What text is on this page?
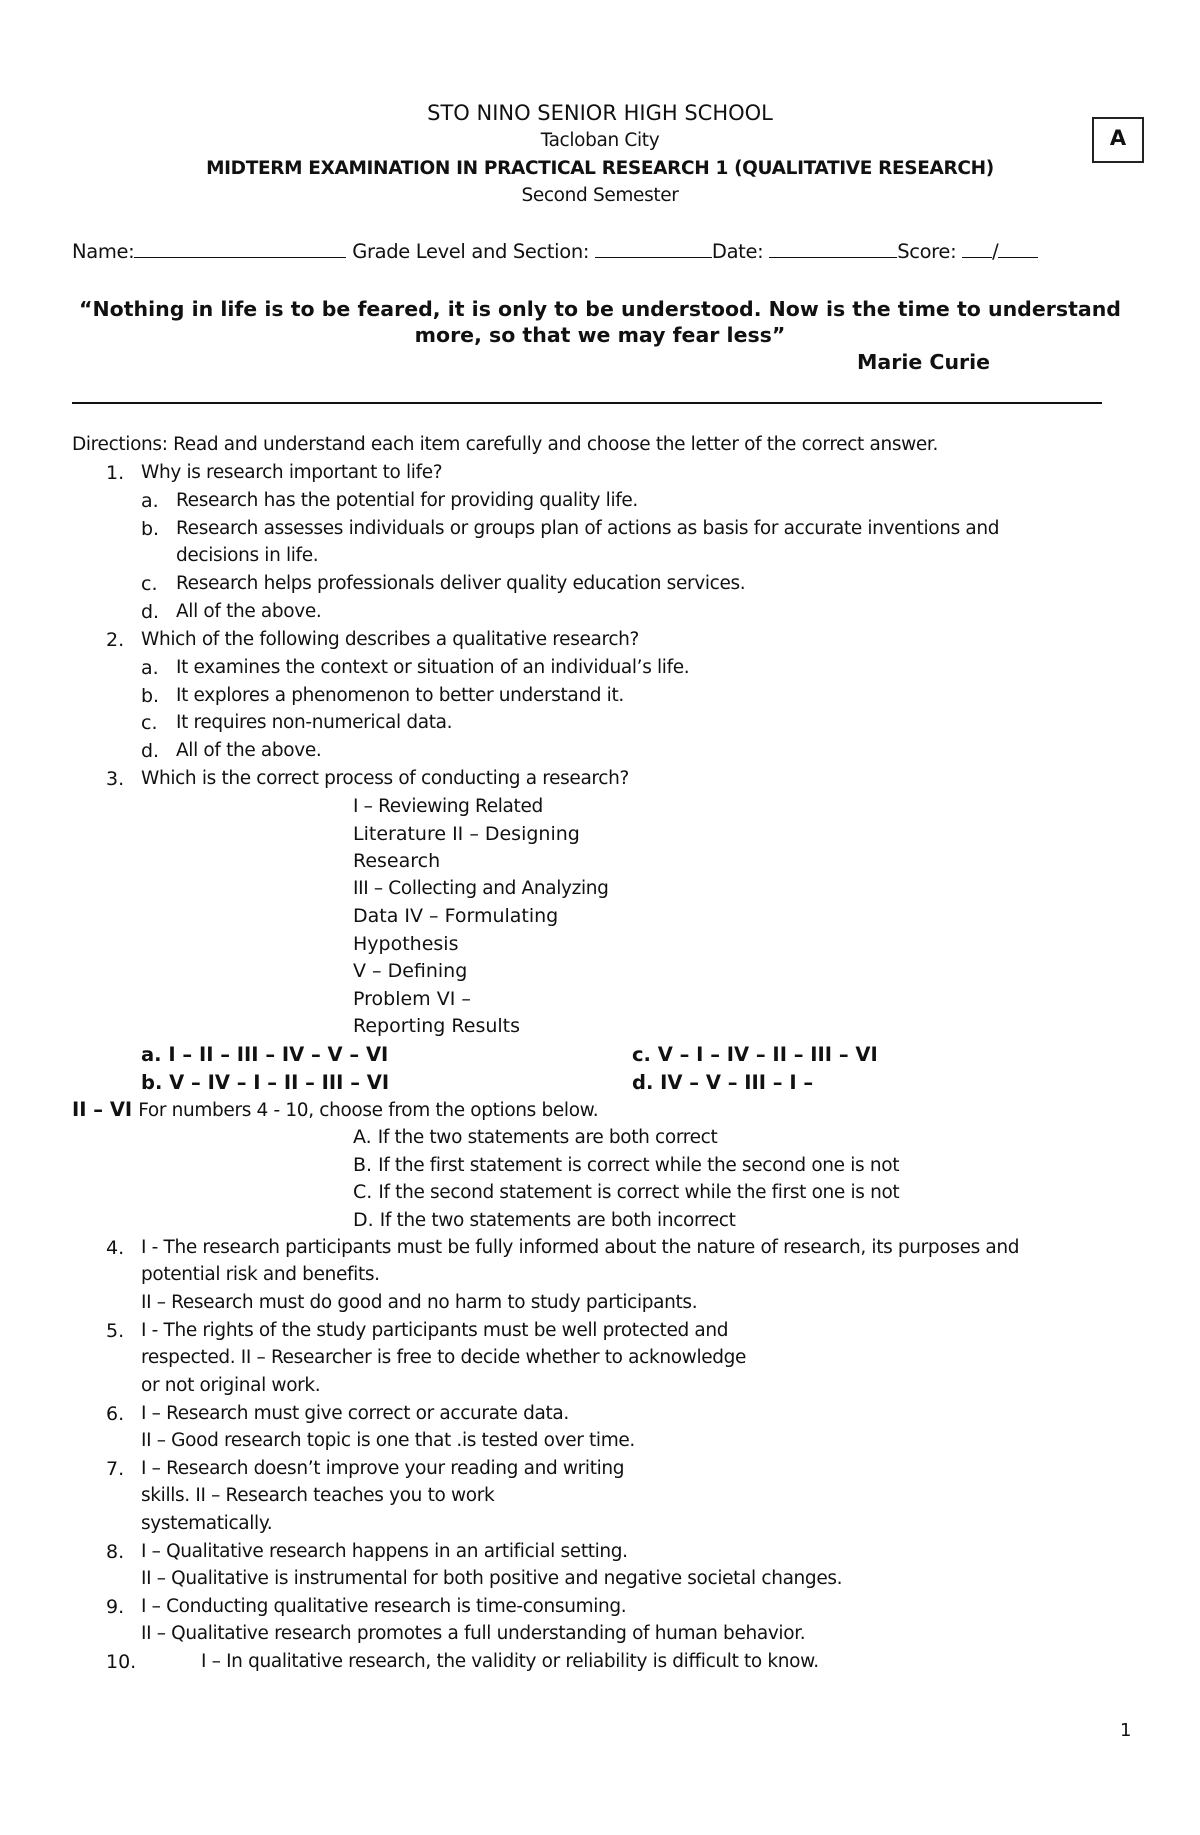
STO NINO SENIOR HIGH SCHOOL
Tacloban City
MIDTERM EXAMINATION IN PRACTICAL RESEARCH 1 (QUALITATIVE RESEARCH)
Second Semester
A
Name:	Grade Level and Section:	Date:	Score: /
“Nothing in life is to be feared, it is only to be understood. Now is the time to understand
more, so that we may fear less”
Marie Curie
Directions: Read and understand each item carefully and choose the letter of the correct answer.
1. Why is research important to life?
a. Research has the potential for providing quality life.
b. Research assesses individuals or groups plan of actions as basis for accurate inventions and
decisions in life.
c. Research helps professionals deliver quality education services.
d. All of the above.
2. Which of the following describes a qualitative research?
a. It examines the context or situation of an individual’s life.
b. It explores a phenomenon to better understand it.
c. It requires non-numerical data.
d. All of the above.
3. Which is the correct process of conducting a research?
I – Reviewing Related
Literature II – Designing
Research
III – Collecting and Analyzing
Data IV – Formulating
Hypothesis
V – Defining
Problem VI –
Reporting Results
a. I – II – III – IV – V – VI	c. V – I – IV – II – III – VI
b. V – IV – I – II – III – VI	d. IV – V – III – I –
II – VI For numbers 4 - 10, choose from the options below.
A. If the two statements are both correct
B. If the first statement is correct while the second one is not
C. If the second statement is correct while the first one is not
D. If the two statements are both incorrect
4. I - The research participants must be fully informed about the nature of research, its purposes and
potential risk and benefits.
II – Research must do good and no harm to study participants.
5. I - The rights of the study participants must be well protected and
respected. II – Researcher is free to decide whether to acknowledge
or not original work.
6. I – Research must give correct or accurate data.
II – Good research topic is one that .is tested over time.
7. I – Research doesn’t improve your reading and writing
skills. II – Research teaches you to work
systematically.
8. I – Qualitative research happens in an artificial setting.
II – Qualitative is instrumental for both positive and negative societal changes.
9. I – Conducting qualitative research is time-consuming.
II – Qualitative research promotes a full understanding of human behavior.
10.	I – In qualitative research, the validity or reliability is difficult to know.
1
